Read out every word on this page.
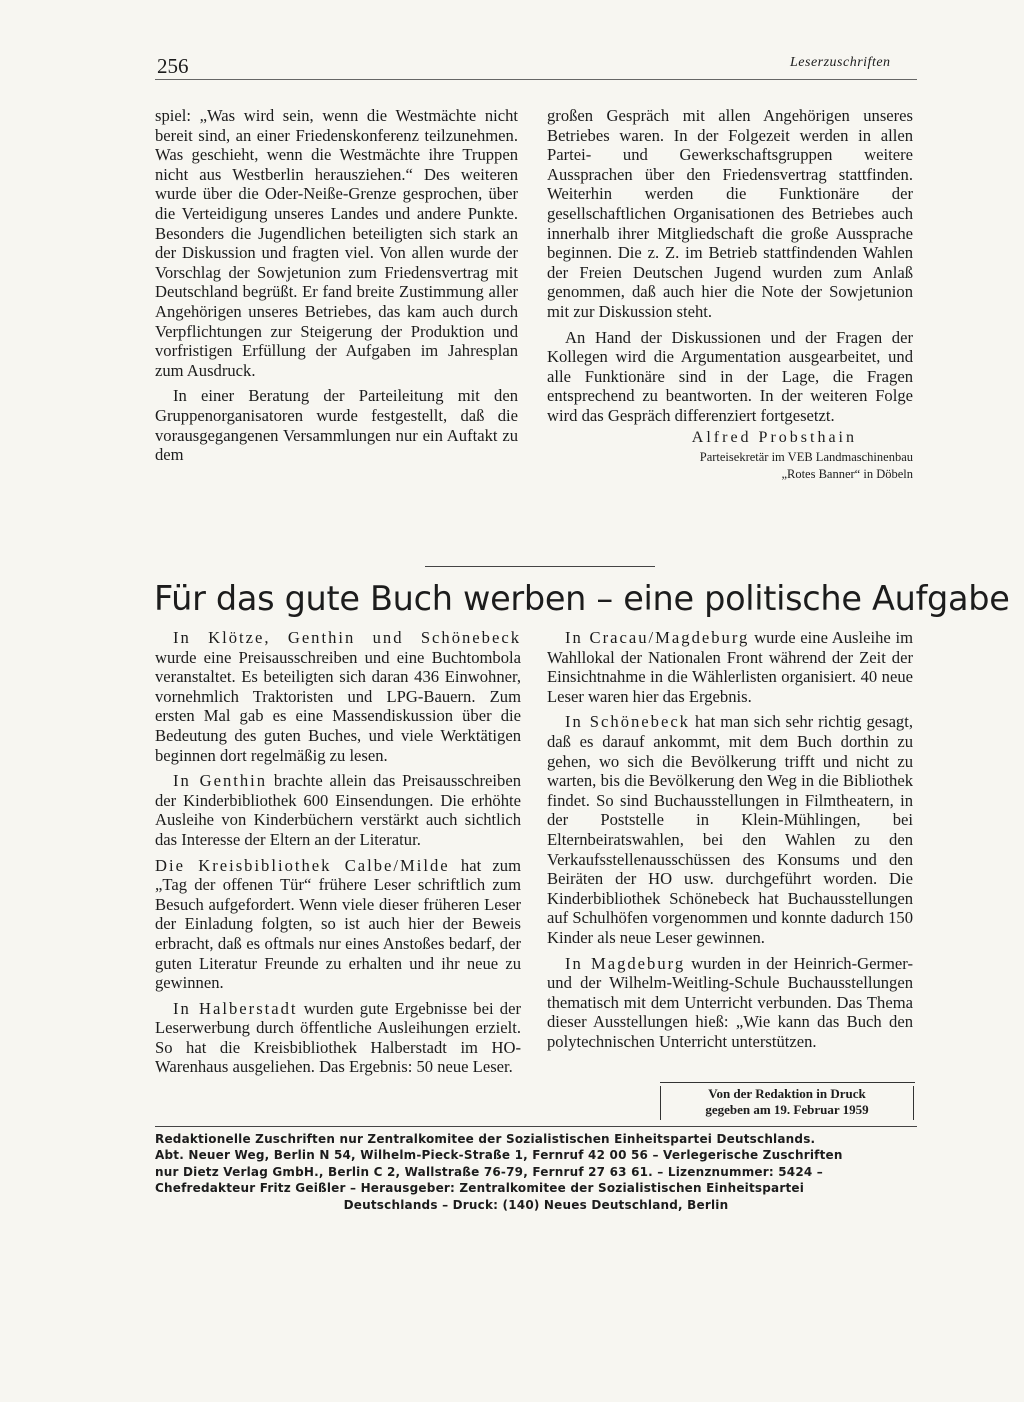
256	Leserzuschriften

spiel: „Was wird sein, wenn die Westmächte nicht bereit sind, an einer Friedenskonferenz teilzunehmen. Was geschieht, wenn die Westmächte ihre Truppen nicht aus Westberlin herausziehen.“ Des weiteren wurde über die Oder-Neiße-Grenze gesprochen, über die Verteidigung unseres Landes und andere Punkte. Besonders die Jugendlichen beteiligten sich stark an der Diskussion und fragten viel. Von allen wurde der Vorschlag der Sowjetunion zum Friedensvertrag mit Deutschland begrüßt. Er fand breite Zustimmung aller Angehörigen unseres Betriebes, das kam auch durch Verpflichtungen zur Steigerung der Produktion und vorfristigen Erfüllung der Aufgaben im Jahresplan zum Ausdruck.

In einer Beratung der Parteileitung mit den Gruppenorganisatoren wurde festgestellt, daß die vorausgegangenen Versammlungen nur ein Auftakt zu dem

großen Gespräch mit allen Angehörigen unseres Betriebes waren. In der Folgezeit werden in allen Partei- und Gewerkschaftsgruppen weitere Aussprachen über den Friedensvertrag stattfinden. Weiterhin werden die Funktionäre der gesellschaftlichen Organisationen des Betriebes auch innerhalb ihrer Mitgliedschaft die große Aussprache beginnen. Die z. Z. im Betrieb stattfindenden Wahlen der Freien Deutschen Jugend wurden zum Anlaß genommen, daß auch hier die Note der Sowjetunion mit zur Diskussion steht.

An Hand der Diskussionen und der Fragen der Kollegen wird die Argumentation ausgearbeitet, und alle Funktionäre sind in der Lage, die Fragen entsprechend zu beantworten. In der weiteren Folge wird das Gespräch differenziert fortgesetzt.

Alfred Probsthain
Parteisekretär im VEB Landmaschinenbau
„Rotes Banner“ in Döbeln
Für das gute Buch werben – eine politische Aufgabe

In Klötze, Genthin und Schönebeck wurde eine Preisausschreiben und eine Buchtombola veranstaltet. Es beteiligten sich daran 436 Einwohner, vornehmlich Traktoristen und LPG-Bauern. Zum ersten Mal gab es eine Massendiskussion über die Bedeutung des guten Buches, und viele Werktätigen beginnen dort regelmäßig zu lesen.

In Genthin brachte allein das Preisausschreiben der Kinderbibliothek 600 Einsendungen. Die erhöhte Ausleihe von Kinderbüchern verstärkt auch sichtlich das Interesse der Eltern an der Literatur.

Die Kreisbibliothek Calbe/Milde hat zum „Tag der offenen Tür“ frühere Leser schriftlich zum Besuch aufgefordert. Wenn viele dieser früheren Leser der Einladung folgten, so ist auch hier der Beweis erbracht, daß es oftmals nur eines Anstoßes bedarf, der guten Literatur Freunde zu erhalten und ihr neue zu gewinnen.

In Halberstadt wurden gute Ergebnisse bei der Leserwerbung durch öffentliche Ausleihungen erzielt. So hat die Kreisbibliothek Halberstadt im HO-Warenhaus ausgeliehen. Das Ergebnis: 50 neue Leser.

In Cracau/Magdeburg wurde eine Ausleihe im Wahllokal der Nationalen Front während der Zeit der Einsichtnahme in die Wählerlisten organisiert. 40 neue Leser waren hier das Ergebnis.

In Schönebeck hat man sich sehr richtig gesagt, daß es darauf ankommt, mit dem Buch dorthin zu gehen, wo sich die Bevölkerung trifft und nicht zu warten, bis die Bevölkerung den Weg in die Bibliothek findet. So sind Buchausstellungen in Filmtheatern, in der Poststelle in Klein-Mühlingen, bei Elternbeiratswahlen, bei den Wahlen zu den Verkaufsstellenausschüssen des Konsums und den Beiräten der HO usw. durchgeführt worden. Die Kinderbibliothek Schönebeck hat Buchausstellungen auf Schulhöfen vorgenommen und konnte dadurch 150 Kinder als neue Leser gewinnen.

In Magdeburg wurden in der Heinrich-Germer- und der Wilhelm-Weitling-Schule Buchausstellungen thematisch mit dem Unterricht verbunden. Das Thema dieser Ausstellungen hieß: „Wie kann das Buch den polytechnischen Unterricht unterstützen.

Von der Redaktion in Druck
gegeben am 19. Februar 1959
Redaktionelle Zuschriften nur Zentralkomitee der Sozialistischen Einheitspartei Deutschlands.
Abt. Neuer Weg, Berlin N 54, Wilhelm-Pieck-Straße 1, Fernruf 42 00 56 – Verlegerische Zuschriften
nur Dietz Verlag GmbH., Berlin C 2, Wallstraße 76-79, Fernruf 27 63 61. – Lizenznummer: 5424 –
Chefredakteur Fritz Geißler – Herausgeber: Zentralkomitee der Sozialistischen Einheitspartei
Deutschlands – Druck: (140) Neues Deutschland, Berlin
